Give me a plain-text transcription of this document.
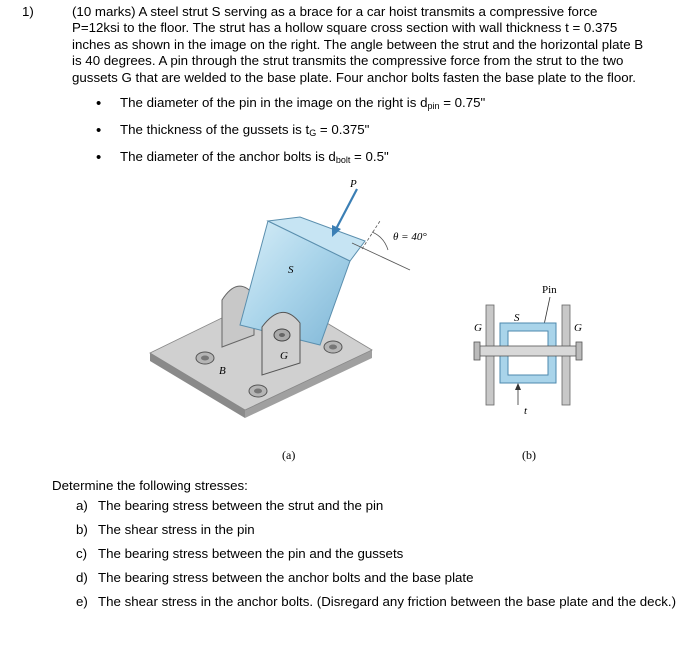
1)	(10 marks) A steel strut S serving as a brace for a car hoist transmits a compressive force
P=12ksi to the floor. The strut has a hollow square cross section with wall thickness t = 0.375
inches as shown in the image on the right. The angle between the strut and the horizontal plate B
is 40 degrees. A pin through the strut transmits the compressive force from the strut to the two
gussets G that are welded to the base plate. Four anchor bolts fasten the base plate to the floor.
• The diameter of the pin in the image on the right is $d_{pin} = 0.75$"
• The thickness of the gussets is $t_G = 0.375$"
• The diameter of the anchor bolts is $d_{bolt} = 0.5$"
P
θ = 40°
S
G
B
Pin
t
S
G	G
(a)	(b)
Determine the following stresses:
a) The bearing stress between the strut and the pin
b) The shear stress in the pin
c) The bearing stress between the pin and the gussets
d) The bearing stress between the anchor bolts and the base plate
e) The shear stress in the anchor bolts. (Disregard any friction between the base plate and the deck.)
